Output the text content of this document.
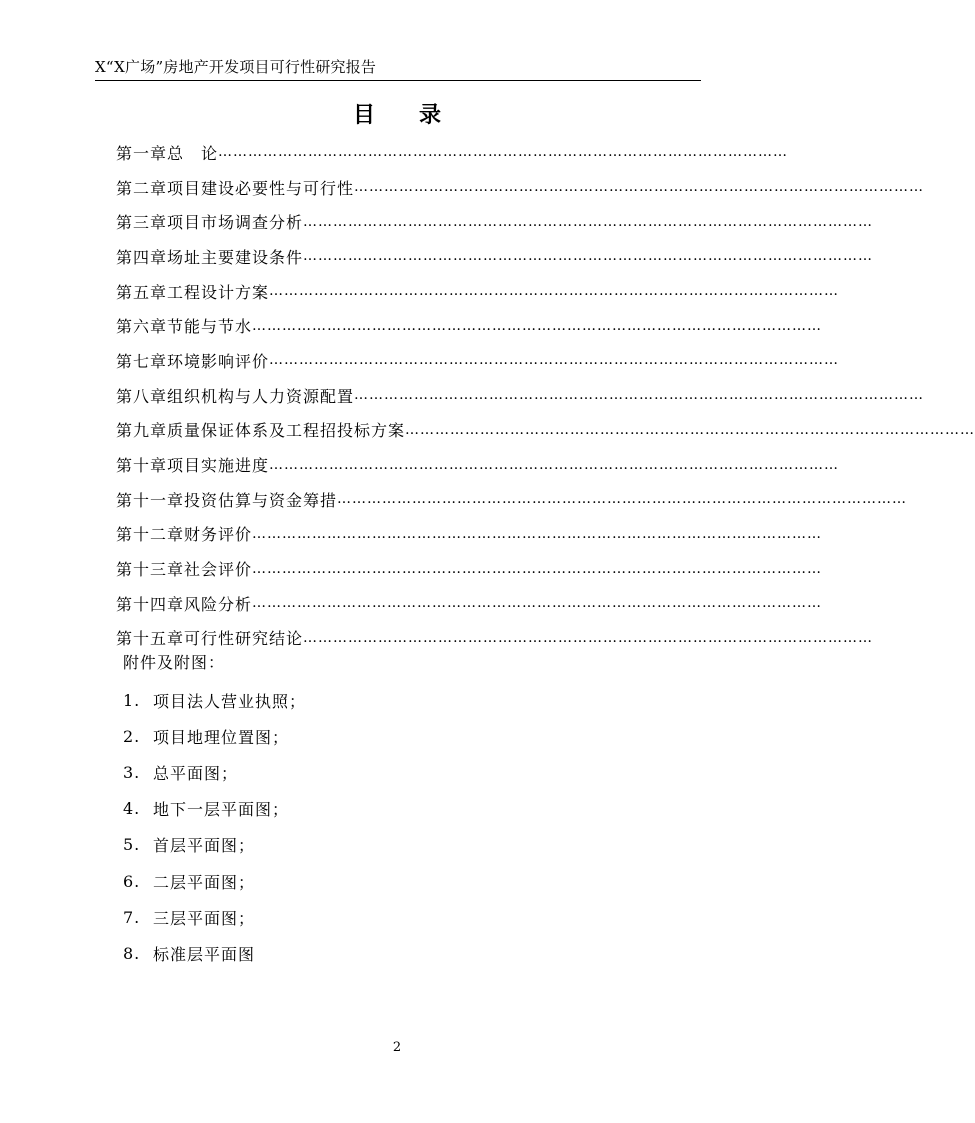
X“X广场”房地产开发项目可行性研究报告
目录
第一章 总　论 ……………………………………………………………………………………………………
第二章 项目建设必要性与可行性 ……………………………………………………………………………………………………
第三章 项目市场调查分析 ……………………………………………………………………………………………………
第四章 场址主要建设条件 ……………………………………………………………………………………………………
第五章 工程设计方案 ……………………………………………………………………………………………………
第六章 节能与节水 ……………………………………………………………………………………………………
第七章 环境影响评价 ……………………………………………………………………………………………………
第八章 组织机构与人力资源配置 ……………………………………………………………………………………………………
第九章 质量保证体系及工程招投标方案 ……………………………………………………………………………………………………
第十章 项目实施进度 ……………………………………………………………………………………………………
第十一章 投资估算与资金筹措 ……………………………………………………………………………………………………
第十二章 财务评价 ……………………………………………………………………………………………………
第十三章 社会评价 ……………………………………………………………………………………………………
第十四章 风险分析 ……………………………………………………………………………………………………
第十五章 可行性研究结论 ……………………………………………………………………………………………………
附件及附图：
1. 项目法人营业执照；
2. 项目地理位置图；
3. 总平面图；
4. 地下一层平面图；
5. 首层平面图；
6. 二层平面图；
7. 三层平面图；
8. 标准层平面图
2
